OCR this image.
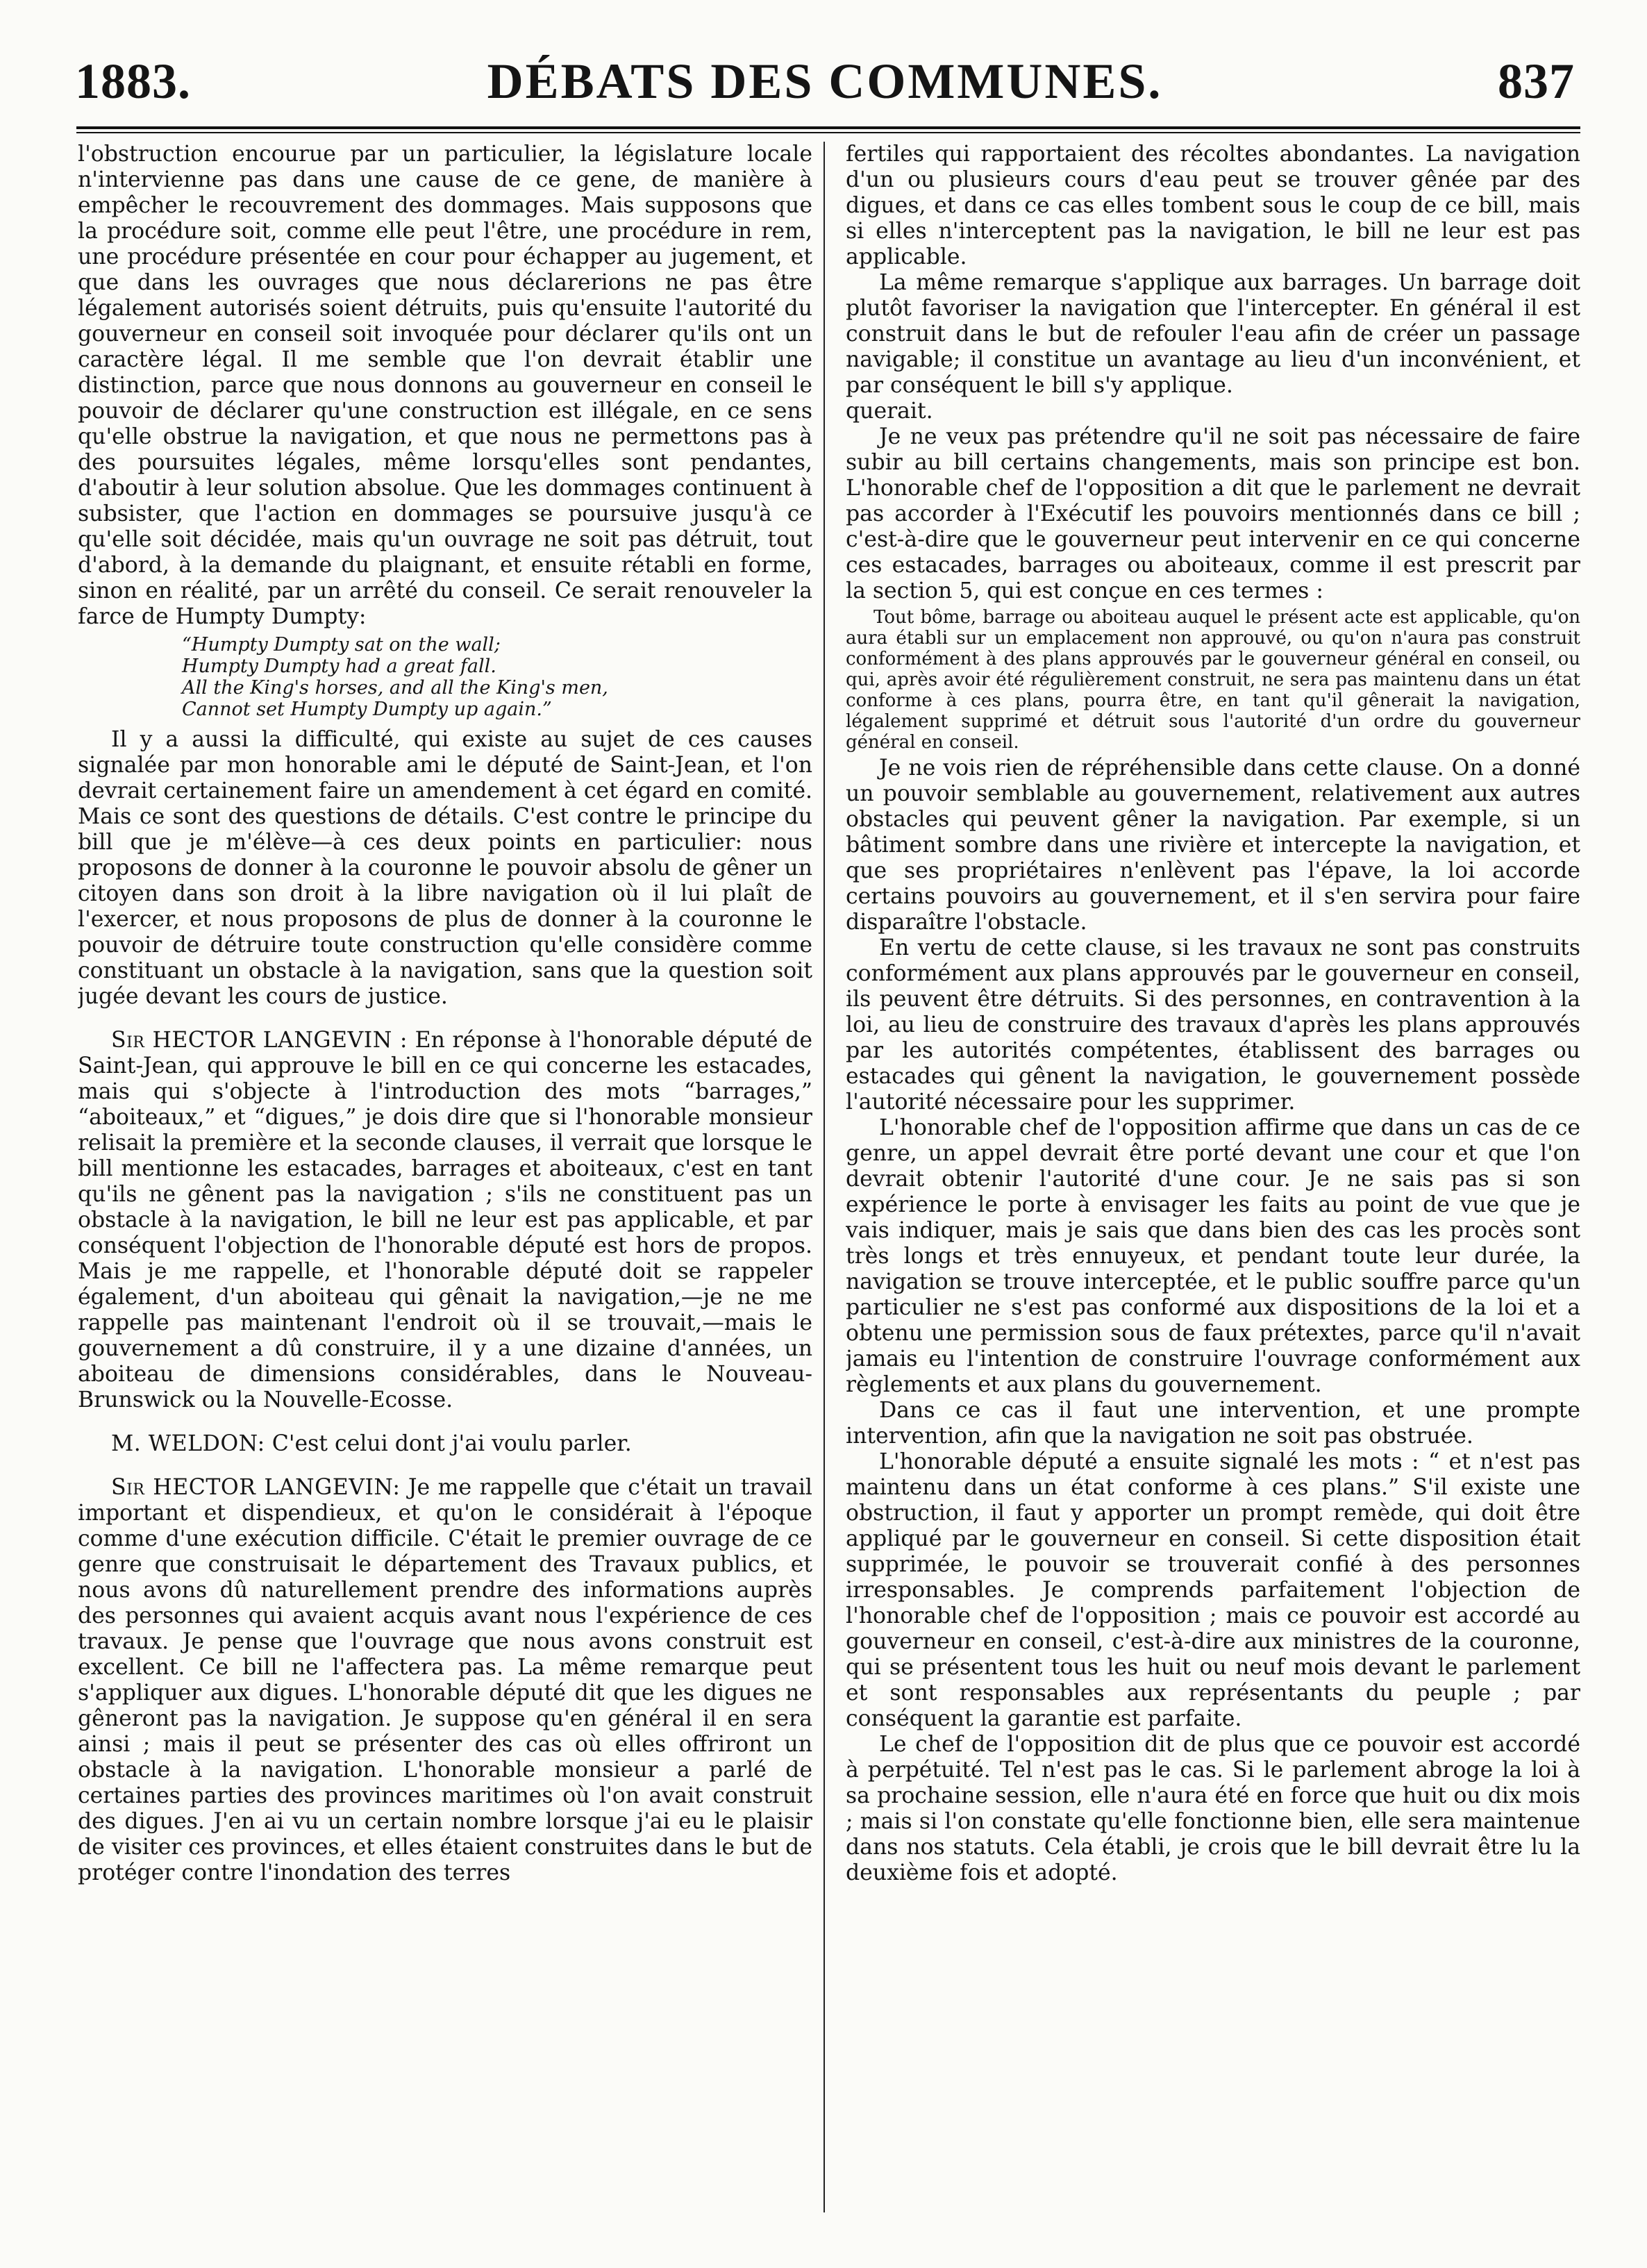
DÉBATS DES COMMUNES.
1883.	837

l'obstruction encourue par un particulier, la législature locale n'intervienne pas dans une cause de ce gene, de manière à empêcher le recouvrement des dommages. Mais supposons que la procédure soit, comme elle peut l'être, une procédure in rem, une procédure présentée en cour pour échapper au jugement, et que dans les ouvrages que nous déclarerions ne pas être légalement autorisés soient détruits, puis qu'ensuite l'autorité du gouverneur en conseil soit invoquée pour déclarer qu'ils ont un caractère légal. Il me semble que l'on devrait établir une distinction, parce que nous donnons au gouverneur en conseil le pouvoir de déclarer qu'une construction est illégale, en ce sens qu'elle obstrue la navigation, et que nous ne permettons pas à des poursuites légales, même lorsqu'elles sont pendantes, d'aboutir à leur solution absolue. Que les dommages continuent à subsister, que l'action en dommages se poursuive jusqu'à ce qu'elle soit décidée, mais qu'un ouvrage ne soit pas détruit, tout d'abord, à la demande du plaignant, et ensuite rétabli en forme, sinon en réalité, par un arrêté du conseil. Ce serait renouveler la farce de Humpty Dumpty:

“Humpty Dumpty sat on the wall;
Humpty Dumpty had a great fall.
All the King's horses, and all the King's men,
Cannot set Humpty Dumpty up again.”

Il y a aussi la difficulté, qui existe au sujet de ces causes signalée par mon honorable ami le député de Saint-Jean, et l'on devrait certainement faire un amendement à cet égard en comité. Mais ce sont des questions de détails. C'est contre le principe du bill que je m'élève—à ces deux points en particulier: nous proposons de donner à la couronne le pouvoir absolu de gêner un citoyen dans son droit à la libre navigation où il lui plaît de l'exercer, et nous proposons de plus de donner à la couronne le pouvoir de détruire toute construction qu'elle considère comme constituant un obstacle à la navigation, sans que la question soit jugée devant les cours de justice.

Sir HECTOR LANGEVIN : En réponse à l'honorable député de Saint-Jean, qui approuve le bill en ce qui concerne les estacades, mais qui s'objecte à l'introduction des mots “barrages,” “aboiteaux,” et “digues,” je dois dire que si l'honorable monsieur relisait la première et la seconde clauses, il verrait que lorsque le bill mentionne les estacades, barrages et aboiteaux, c'est en tant qu'ils ne gênent pas la navigation ; s'ils ne constituent pas un obstacle à la navigation, le bill ne leur est pas applicable, et par conséquent l'objection de l'honorable député est hors de propos. Mais je me rappelle, et l'honorable député doit se rappeler également, d'un aboiteau qui gênait la navigation,—je ne me rappelle pas maintenant l'endroit où il se trouvait,—mais le gouvernement a dû construire, il y a une dizaine d'années, un aboiteau de dimensions considérables, dans le Nouveau-Brunswick ou la Nouvelle-Ecosse.

M. WELDON: C'est celui dont j'ai voulu parler.

Sir HECTOR LANGEVIN: Je me rappelle que c'était un travail important et dispendieux, et qu'on le considérait à l'époque comme d'une exécution difficile. C'était le premier ouvrage de ce genre que construisait le département des Travaux publics, et nous avons dû naturellement prendre des informations auprès des personnes qui avaient acquis avant nous l'expérience de ces travaux. Je pense que l'ouvrage que nous avons construit est excellent. Ce bill ne l'affectera pas. La même remarque peut s'appliquer aux digues. L'honorable député dit que les digues ne gêneront pas la navigation. Je suppose qu'en général il en sera ainsi ; mais il peut se présenter des cas où elles offriront un obstacle à la navigation. L'honorable monsieur a parlé de certaines parties des provinces maritimes où l'on avait construit des digues. J'en ai vu un certain nombre lorsque j'ai eu le plaisir de visiter ces provinces, et elles étaient construites dans le but de protéger contre l'inondation des terres

fertiles qui rapportaient des récoltes abondantes. La navigation d'un ou plusieurs cours d'eau peut se trouver gênée par des digues, et dans ce cas elles tombent sous le coup de ce bill, mais si elles n'interceptent pas la navigation, le bill ne leur est pas applicable.

La même remarque s'applique aux barrages. Un barrage doit plutôt favoriser la navigation que l'intercepter. En général il est construit dans le but de refouler l'eau afin de créer un passage navigable; il constitue un avantage au lieu d'un inconvénient, et par conséquent le bill s'y applique.

querait.

Je ne veux pas prétendre qu'il ne soit pas nécessaire de faire subir au bill certains changements, mais son principe est bon. L'honorable chef de l'opposition a dit que le parlement ne devrait pas accorder à l'Exécutif les pouvoirs mentionnés dans ce bill ; c'est-à-dire que le gouverneur peut intervenir en ce qui concerne ces estacades, barrages ou aboiteaux, comme il est prescrit par la section 5, qui est conçue en ces termes :

Tout bôme, barrage ou aboiteau auquel le présent acte est applicable, qu'on aura établi sur un emplacement non approuvé, ou qu'on n'aura pas construit conformément à des plans approuvés par le gouverneur général en conseil, ou qui, après avoir été régulièrement construit, ne sera pas maintenu dans un état conforme à ces plans, pourra être, en tant qu'il gênerait la navigation, légalement supprimé et détruit sous l'autorité d'un ordre du gouverneur général en conseil.

Je ne vois rien de répréhensible dans cette clause. On a donné un pouvoir semblable au gouvernement, relativement aux autres obstacles qui peuvent gêner la navigation. Par exemple, si un bâtiment sombre dans une rivière et intercepte la navigation, et que ses propriétaires n'enlèvent pas l'épave, la loi accorde certains pouvoirs au gouvernement, et il s'en servira pour faire disparaître l'obstacle.

En vertu de cette clause, si les travaux ne sont pas construits conformément aux plans approuvés par le gouverneur en conseil, ils peuvent être détruits. Si des personnes, en contravention à la loi, au lieu de construire des travaux d'après les plans approuvés par les autorités compétentes, établissent des barrages ou estacades qui gênent la navigation, le gouvernement possède l'autorité nécessaire pour les supprimer.

L'honorable chef de l'opposition affirme que dans un cas de ce genre, un appel devrait être porté devant une cour et que l'on devrait obtenir l'autorité d'une cour. Je ne sais pas si son expérience le porte à envisager les faits au point de vue que je vais indiquer, mais je sais que dans bien des cas les procès sont très longs et très ennuyeux, et pendant toute leur durée, la navigation se trouve interceptée, et le public souffre parce qu'un particulier ne s'est pas conformé aux dispositions de la loi et a obtenu une permission sous de faux prétextes, parce qu'il n'avait jamais eu l'intention de construire l'ouvrage conformément aux règlements et aux plans du gouvernement.

Dans ce cas il faut une intervention, et une prompte intervention, afin que la navigation ne soit pas obstruée.

L'honorable député a ensuite signalé les mots : “ et n'est pas maintenu dans un état conforme à ces plans.” S'il existe une obstruction, il faut y apporter un prompt remède, qui doit être appliqué par le gouverneur en conseil. Si cette disposition était supprimée, le pouvoir se trouverait confié à des personnes irresponsables. Je comprends parfaitement l'objection de l'honorable chef de l'opposition ; mais ce pouvoir est accordé au gouverneur en conseil, c'est-à-dire aux ministres de la couronne, qui se présentent tous les huit ou neuf mois devant le parlement et sont responsables aux représentants du peuple ; par conséquent la garantie est parfaite.

Le chef de l'opposition dit de plus que ce pouvoir est accordé à perpétuité. Tel n'est pas le cas. Si le parlement abroge la loi à sa prochaine session, elle n'aura été en force que huit ou dix mois ; mais si l'on constate qu'elle fonctionne bien, elle sera maintenue dans nos statuts. Cela établi, je crois que le bill devrait être lu la deuxième fois et adopté.
